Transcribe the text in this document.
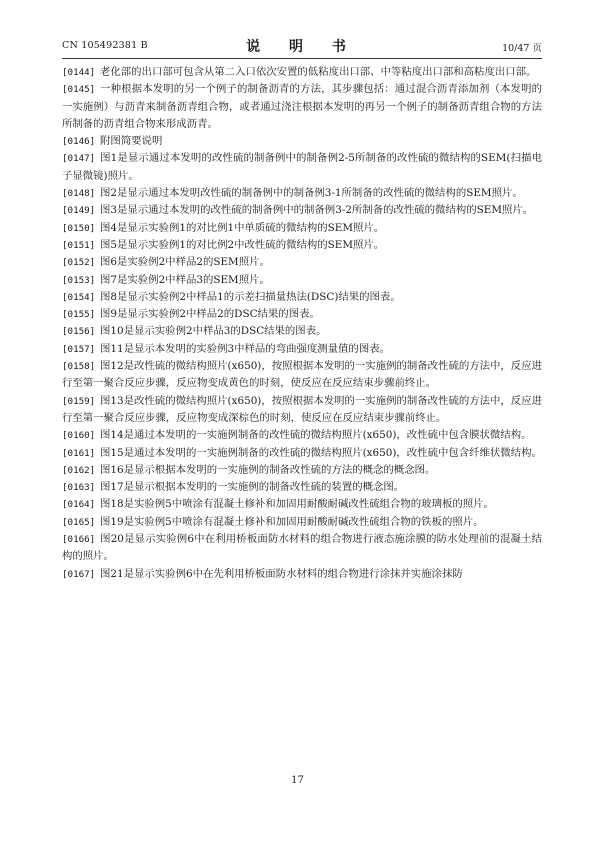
CN 105492381 B	说 明 书	10/47 页

[0144] 老化部的出口部可包含从第二入口依次安置的低粘度出口部、中等粘度出口部和高粘度出口部。

[0145] 一种根据本发明的另一个例子的制备沥青的方法，其步骤包括：通过混合沥青添加剂（本发明的一实施例）与沥青来制备沥青组合物，或者通过浇注根据本发明的再另一个例子的制备沥青组合物的方法所制备的沥青组合物来形成沥青。

[0146] 附图简要说明

[0147] 图1是显示通过本发明的改性硫的制备例中的制备例2-5所制备的改性硫的微结构的SEM(扫描电子显微镜)照片。

[0148] 图2是显示通过本发明改性硫的制备例中的制备例3-1所制备的改性硫的微结构的SEM照片。

[0149] 图3是显示通过本发明的改性硫的制备例中的制备例3-2所制备的改性硫的微结构的SEM照片。

[0150] 图4是显示实验例1的对比例1中单质硫的微结构的SEM照片。

[0151] 图5是显示实验例1的对比例2中改性硫的微结构的SEM照片。

[0152] 图6是实验例2中样品2的SEM照片。

[0153] 图7是实验例2中样品3的SEM照片。

[0154] 图8是显示实验例2中样品1的示差扫描量热法(DSC)结果的图表。

[0155] 图9是显示实验例2中样品2的DSC结果的图表。

[0156] 图10是显示实验例2中样品3的DSC结果的图表。

[0157] 图11是显示本发明的实验例3中样品的弯曲强度测量值的图表。

[0158] 图12是改性硫的微结构照片(x650)，按照根据本发明的一实施例的制备改性硫的方法中，反应进行至第一聚合反应步骤，反应物变成黄色的时刻，使反应在反应结束步骤前终止。

[0159] 图13是改性硫的微结构照片(x650)，按照根据本发明的一实施例的制备改性硫的方法中，反应进行至第一聚合反应步骤，反应物变成深棕色的时刻，使反应在反应结束步骤前终止。

[0160] 图14是通过本发明的一实施例制备的改性硫的微结构照片(x650)，改性硫中包含膜状微结构。

[0161] 图15是通过本发明的一实施例制备的改性硫的微结构照片(x650)，改性硫中包含纤维状微结构。

[0162] 图16是显示根据本发明的一实施例的制备改性硫的方法的概念的概念图。

[0163] 图17是显示根据本发明的一实施例的制备改性硫的装置的概念图。

[0164] 图18是实验例5中喷涂有混凝土修补和加固用耐酸耐碱改性硫组合物的玻璃板的照片。

[0165] 图19是实验例5中喷涂有混凝土修补和加固用耐酸耐碱改性硫组合物的铁板的照片。

[0166] 图20是显示实验例6中在利用桥板面防水材料的组合物进行液态施涂膜的防水处理前的混凝土结构的照片。

[0167] 图21是显示实验例6中在先利用桥板面防水材料的组合物进行涂抹并实施涂抹防

17
